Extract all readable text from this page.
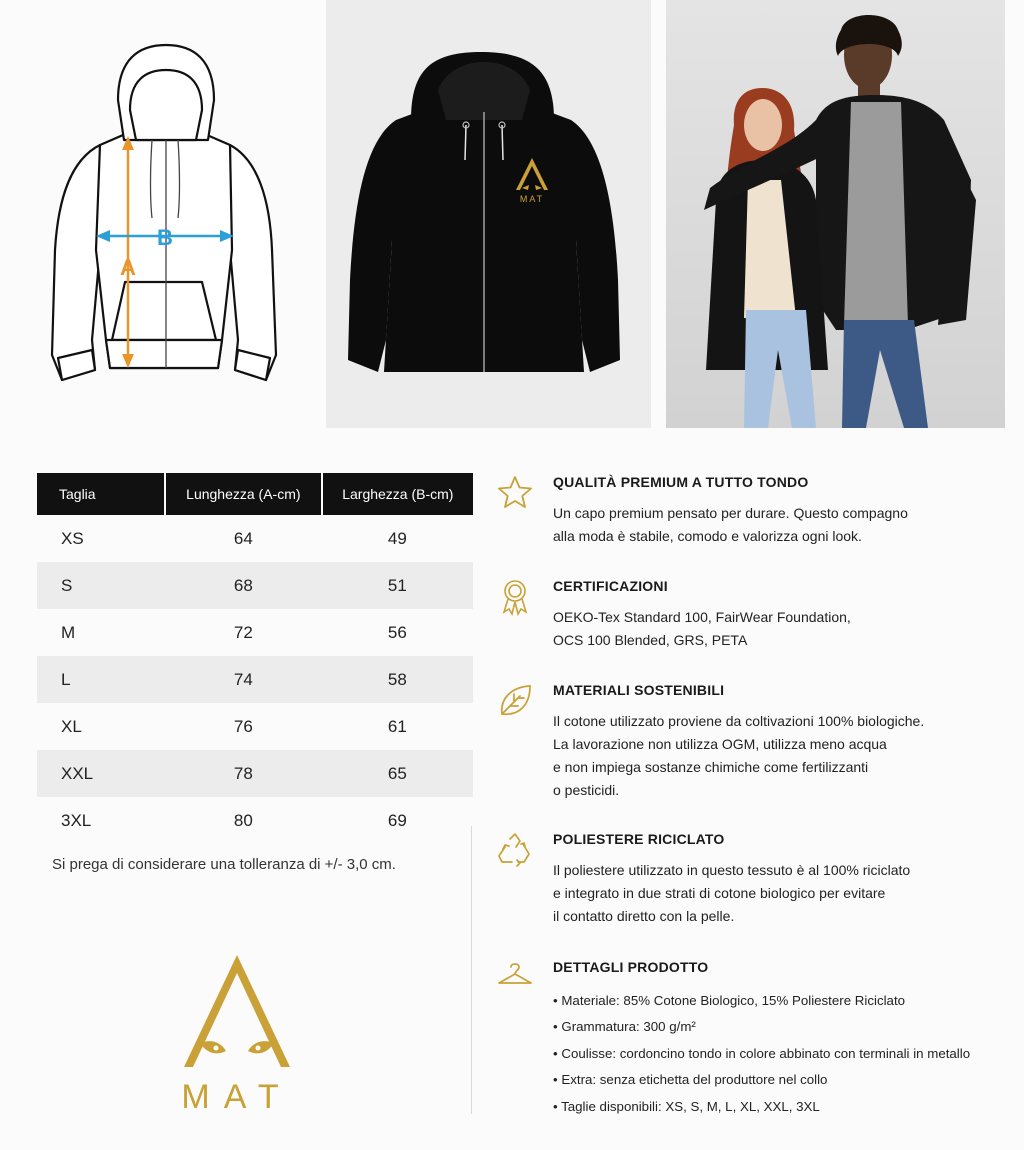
A
B
MAT
Taglia	Lunghezza (A-cm)	Larghezza (B-cm)
XS	64	49
S	68	51
M	72	56
L	74	58
XL	76	61
XXL	78	65
3XL	80	69
Si prega di considerare una tolleranza di +/- 3,0 cm.
MAT
QUALITÀ PREMIUM A TUTTO TONDO
Un capo premium pensato per durare. Questo compagno
alla moda è stabile, comodo e valorizza ogni look.
CERTIFICAZIONI
OEKO-Tex Standard 100, FairWear Foundation,
OCS 100 Blended, GRS, PETA
MATERIALI SOSTENIBILI
Il cotone utilizzato proviene da coltivazioni 100% biologiche.
La lavorazione non utilizza OGM, utilizza meno acqua
e non impiega sostanze chimiche come fertilizzanti
o pesticidi.
POLIESTERE RICICLATO
Il poliestere utilizzato in questo tessuto è al 100% riciclato
e integrato in due strati di cotone biologico per evitare
il contatto diretto con la pelle.
DETTAGLI PRODOTTO
• Materiale: 85% Cotone Biologico, 15% Poliestere Riciclato
• Grammatura: 300 g/m²
• Coulisse: cordoncino tondo in colore abbinato con terminali in metallo
• Extra: senza etichetta del produttore nel collo
• Taglie disponibili: XS, S, M, L, XL, XXL, 3XL
